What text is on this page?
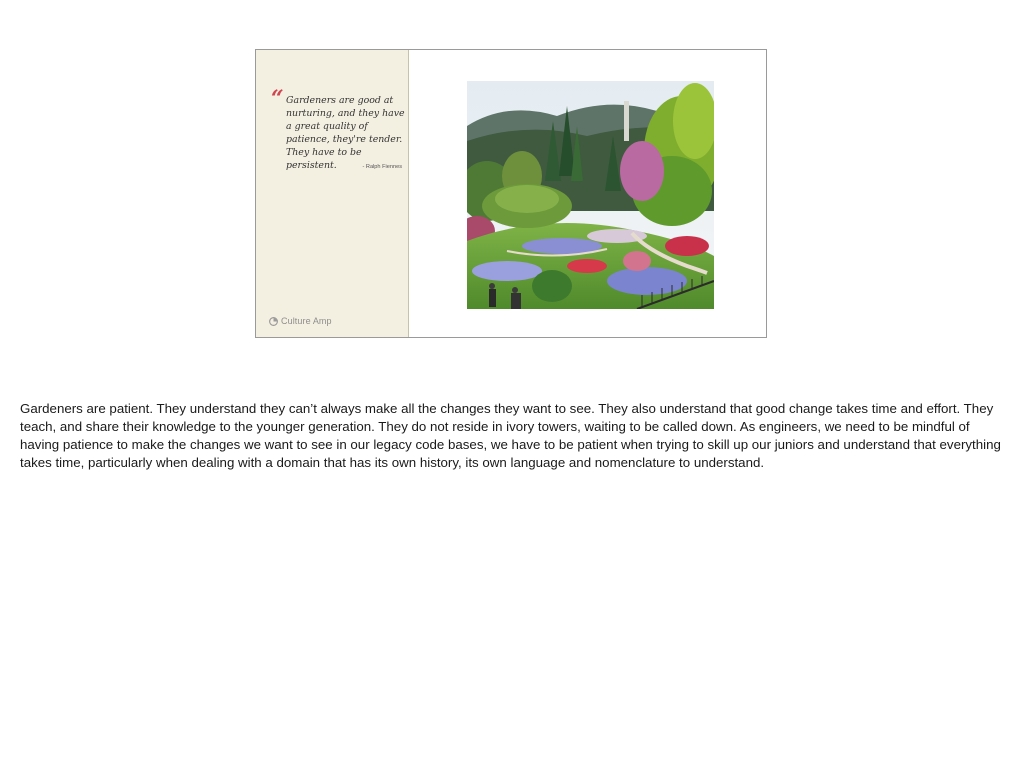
“ Gardeners are good at nurturing, and they have a great quality of patience, they're tender. They have to be persistent.	- Ralph Fiennes
Culture Amp

Gardeners are patient. They understand they can’t always make all the changes they want to see. They also understand that good change takes time and effort. They teach, and share their knowledge to the younger generation. They do not reside in ivory towers, waiting to be called down. As engineers, we need to be mindful of having patience to make the changes we want to see in our legacy code bases, we have to be patient when trying to skill up our juniors and understand that everything takes time, particularly when dealing with a domain that has its own history, its own language and nomenclature to understand.
